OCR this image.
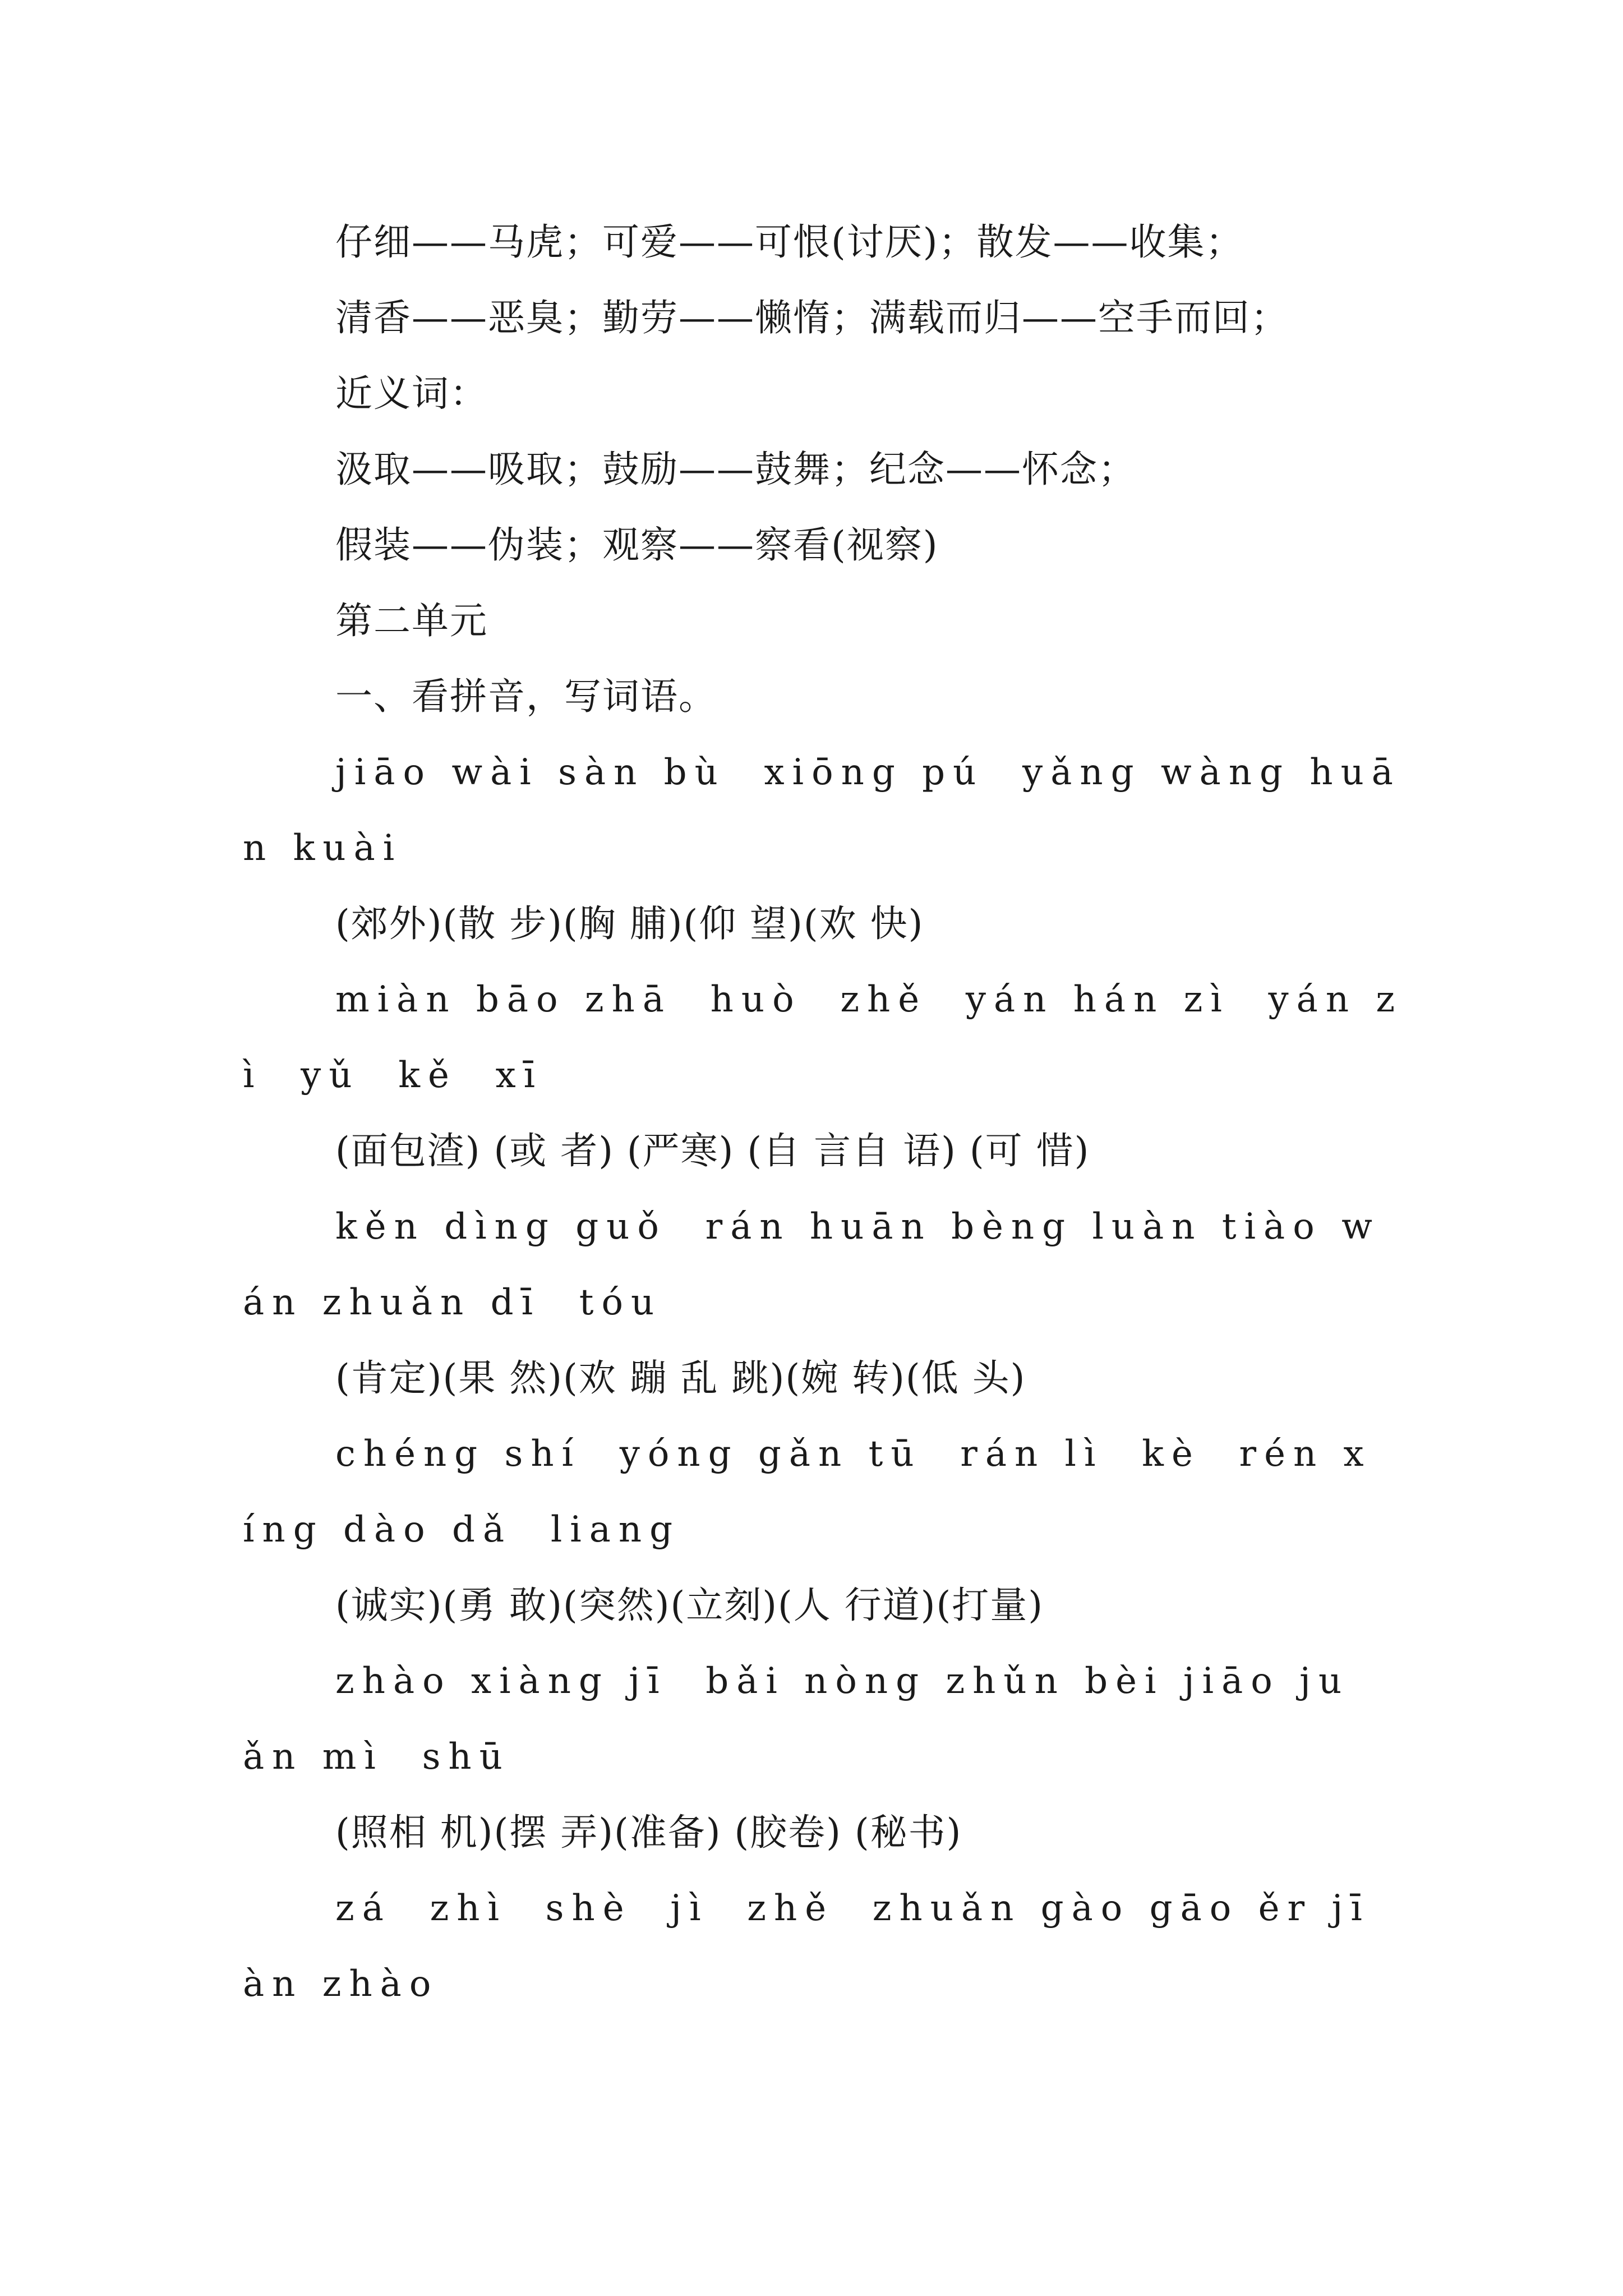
仔细——马虎；可爱——可恨(讨厌)；散发——收集；
清香——恶臭；勤劳——懒惰；满载而归——空手而回；
近义词：
汲取——吸取；鼓励——鼓舞；纪念——怀念；
假装——伪装；观察——察看(视察)
第二单元
一、看拼音，写词语。
jiāo wài sàn bù  xiōng pú  yǎng wàng huā
n kuài
(郊外)(散 步)(胸 脯)(仰 望)(欢 快)
miàn bāo zhā  huò  zhě  yán hán zì  yán z
ì  yǔ  kě  xī
(面包渣) (或 者) (严寒) (自 言自 语) (可 惜)
kěn dìng guǒ  rán huān bèng luàn tiào w
án zhuǎn dī  tóu
(肯定)(果 然)(欢 蹦 乱 跳)(婉 转)(低 头)
chéng shí  yóng gǎn tū  rán lì  kè  rén x
íng dào dǎ  liang
(诚实)(勇 敢)(突然)(立刻)(人 行道)(打量)
zhào xiàng jī  bǎi nòng zhǔn bèi jiāo ju
ǎn mì  shū
(照相 机)(摆 弄)(准备) (胶卷) (秘书)
zá  zhì  shè  jì  zhě  zhuǎn gào gāo ěr jī
àn zhào
